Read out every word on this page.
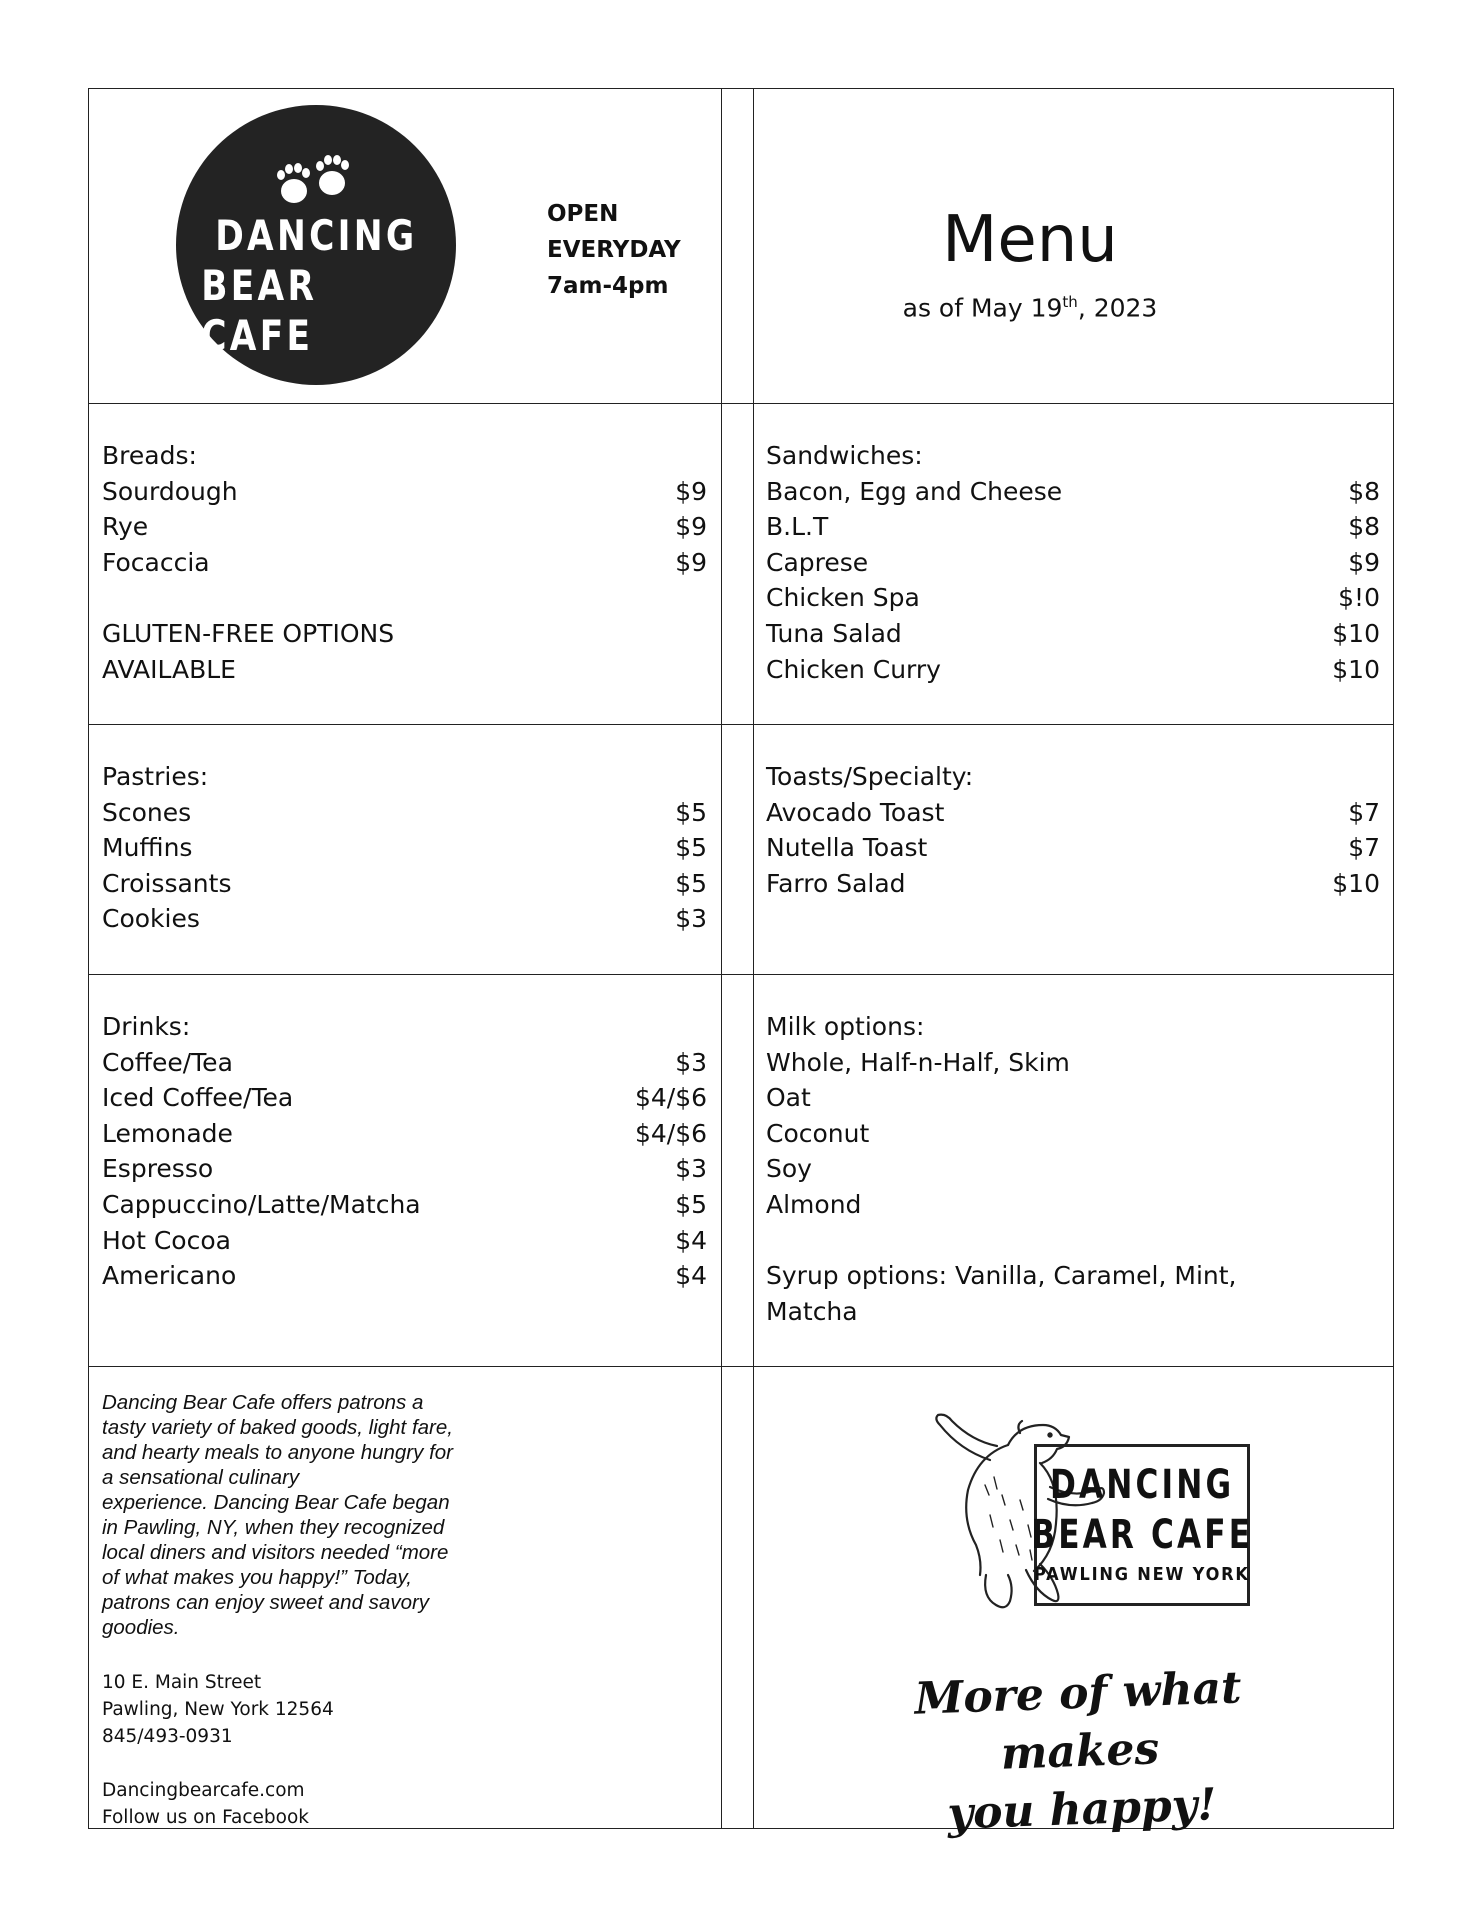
DANCING
BEAR CAFE
OPEN
EVERYDAY
7am-4pm
Menu
as of May 19th, 2023
Breads:
Sourdough	$9
Rye	$9
Focaccia	$9
GLUTEN-FREE OPTIONS
AVAILABLE
Sandwiches:
Bacon, Egg and Cheese	$8
B.L.T	$8
Caprese	$9
Chicken Spa	$!0
Tuna Salad	$10
Chicken Curry	$10
Pastries:
Scones	$5
Muffins	$5
Croissants	$5
Cookies	$3
Toasts/Specialty:
Avocado Toast	$7
Nutella Toast	$7
Farro Salad	$10
Drinks:
Coffee/Tea	$3
Iced Coffee/Tea	$4/$6
Lemonade	$4/$6
Espresso	$3
Cappuccino/Latte/Matcha	$5
Hot Cocoa	$4
Americano	$4
Milk options:
Whole, Half-n-Half, Skim
Oat
Coconut
Soy
Almond
Syrup options: Vanilla, Caramel, Mint,
Matcha
Dancing Bear Cafe offers patrons a
tasty variety of baked goods, light fare,
and hearty meals to anyone hungry for
a sensational culinary
experience. Dancing Bear Cafe began
in Pawling, NY, when they recognized
local diners and visitors needed “more
of what makes you happy!” Today,
patrons can enjoy sweet and savory
goodies.
10 E. Main Street
Pawling, New York 12564
845/493-0931
Dancingbearcafe.com
Follow us on Facebook
DANCING
BEAR CAFE
PAWLING NEW YORK
More of what makes
you happy!
